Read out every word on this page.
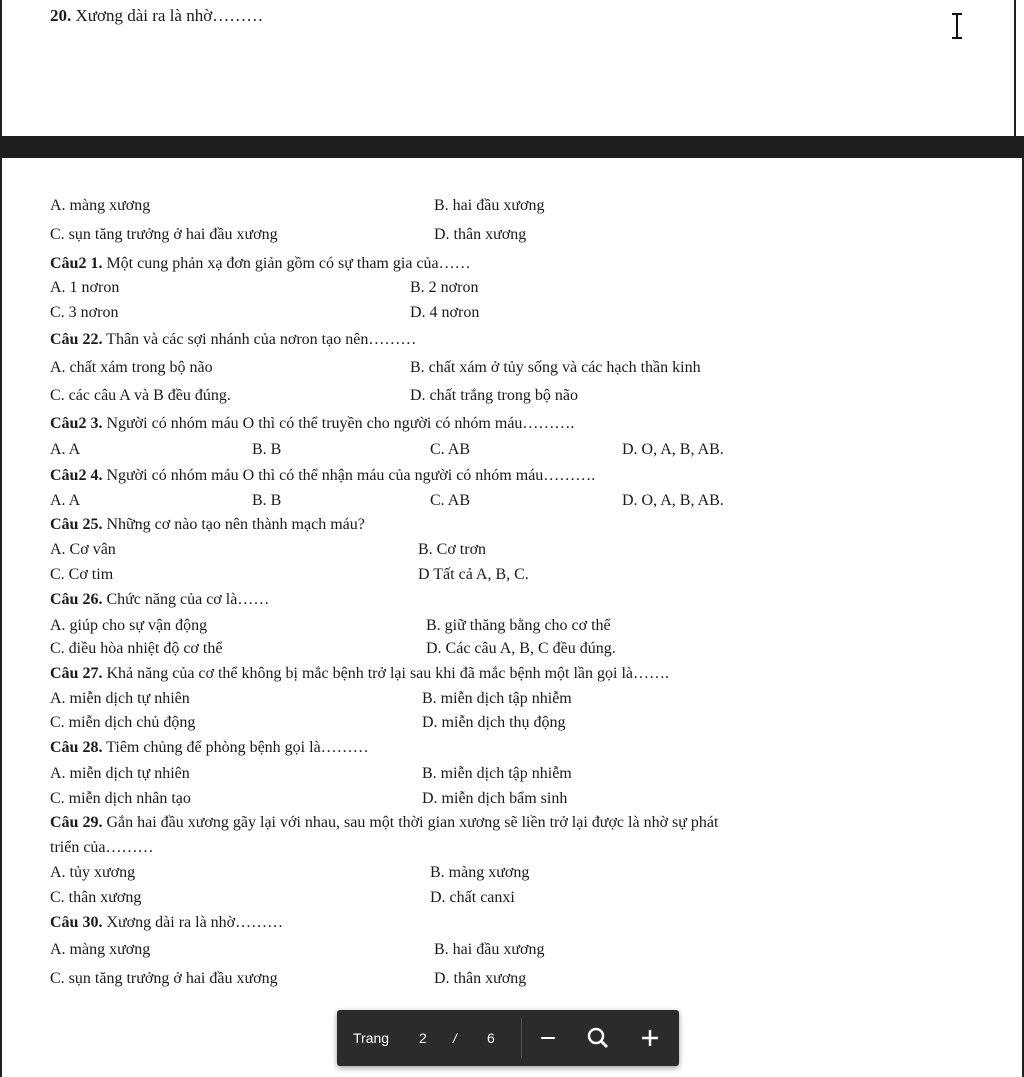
20. Xương dài ra là nhờ………
A. màng xương	B. hai đầu xương
C. sụn tăng trưởng ở hai đầu xương	D. thân xương
Câu2 1. Một cung phản xạ đơn giản gồm có sự tham gia của……
A. 1 nơron	B. 2 nơron
C. 3 nơron	D. 4 nơron
Câu 22. Thân và các sợi nhánh của nơron tạo nên………
A. chất xám trong bộ não	B. chất xám ở tủy sống và các hạch thần kinh
C. các câu A và B đều đúng.	D. chất trắng trong bộ não
Câu2 3. Người có nhóm máu O thì có thể truyền cho người có nhóm máu……….
A. A	B. B	C. AB	D. O, A, B, AB.
Câu2 4. Người có nhóm máu O thì có thể nhận máu của người có nhóm máu……….
A. A	B. B	C. AB	D. O, A, B, AB.
Câu 25. Những cơ nào tạo nên thành mạch máu?
A. Cơ vân	B. Cơ trơn
C. Cơ tim	D Tất cả A, B, C.
Câu 26. Chức năng của cơ là……
A. giúp cho sự vận động	B. giữ thăng bằng cho cơ thể
C. điều hòa nhiệt độ cơ thể	D. Các câu A, B, C đều đúng.
Câu 27. Khả năng của cơ thể không bị mắc bệnh trở lại sau khi đã mắc bệnh một lần gọi là…….
A. miễn dịch tự nhiên	B. miễn dịch tập nhiễm
C. miễn dịch chủ động	D. miễn dịch thụ động
Câu 28. Tiêm chủng để phòng bệnh gọi là………
A. miễn dịch tự nhiên	B. miễn dịch tập nhiễm
C. miễn dịch nhân tạo	D. miễn dịch bẩm sinh
Câu 29. Gắn hai đầu xương gãy lại với nhau, sau một thời gian xương sẽ liền trở lại được là nhờ sự phát
triển của………
A. tủy xương	B. màng xương
C. thân xương	D. chất canxi
Câu 30. Xương dài ra là nhờ………
A. màng xương	B. hai đầu xương
C. sụn tăng trưởng ở hai đầu xương	D. thân xương
Trang 2 / 6
